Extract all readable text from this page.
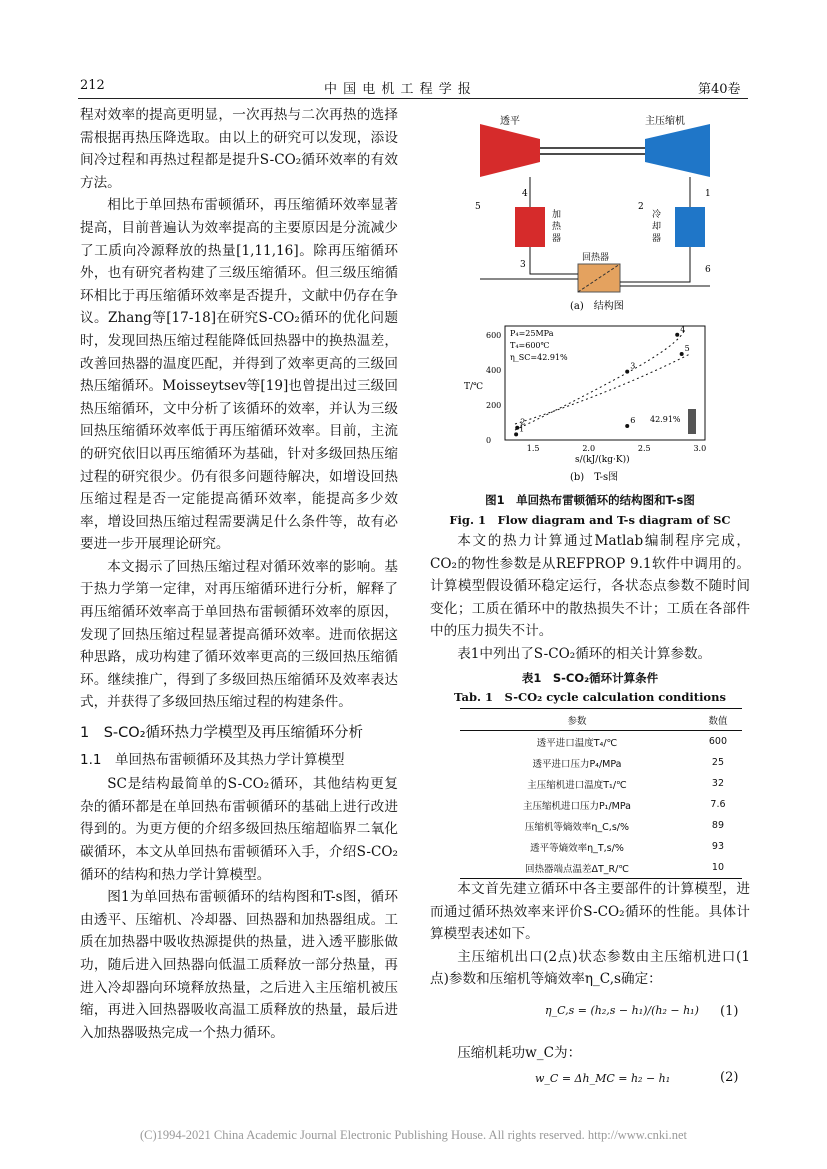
212	中 国 电 机 工 程 学 报	第40卷

程对效率的提高更明显，一次再热与二次再热的选择需根据再热压降选取。由以上的研究可以发现，添设间冷过程和再热过程都是提升S-CO₂循环效率的有效方法。

相比于单回热布雷顿循环，再压缩循环效率显著提高，目前普遍认为效率提高的主要原因是分流减少了工质向冷源释放的热量[1,11,16]。除再压缩循环外，也有研究者构建了三级压缩循环。但三级压缩循环相比于再压缩循环效率是否提升，文献中仍存在争议。Zhang等[17-18]在研究S-CO₂循环的优化问题时，发现回热压缩过程能降低回热器中的换热温差，改善回热器的温度匹配，并得到了效率更高的三级回热压缩循环。Moisseytsev等[19]也曾提出过三级回热压缩循环，文中分析了该循环的效率，并认为三级回热压缩循环效率低于再压缩循环效率。目前，主流的研究依旧以再压缩循环为基础，针对多级回热压缩过程的研究很少。仍有很多问题待解决，如增设回热压缩过程是否一定能提高循环效率，能提高多少效率，增设回热压缩过程需要满足什么条件等，故有必要进一步开展理论研究。

本文揭示了回热压缩过程对循环效率的影响。基于热力学第一定律，对再压缩循环进行分析，解释了再压缩循环效率高于单回热布雷顿循环效率的原因，发现了回热压缩过程显著提高循环效率。进而依据这种思路，成功构建了循环效率更高的三级回热压缩循环。继续推广，得到了多级回热压缩循环及效率表达式，并获得了多级回热压缩过程的构建条件。

1　S-CO₂循环热力学模型及再压缩循环分析
1.1　单回热布雷顿循环及其热力学计算模型

SC是结构最简单的S-CO₂循环，其他结构更复杂的循环都是在单回热布雷顿循环的基础上进行改进得到的。为更方便的介绍多级回热压缩超临界二氧化碳循环，本文从单回热布雷顿循环入手，介绍S-CO₂循环的结构和热力学计算模型。

图1为单回热布雷顿循环的结构图和T-s图，循环由透平、压缩机、冷却器、回热器和加热器组成。工质在加热器中吸收热源提供的热量，进入透平膨胀做功，随后进入回热器向低温工质释放一部分热量，再进入冷却器向环境释放热量，之后进入主压缩机被压缩，再进入回热器吸收高温工质释放的热量，最后进入加热器吸热完成一个热力循环。

透平	主压缩机
加
热
器
冷
却
器
回热器
4	1
5	2
3	6
(a)　结构图
T/℃
s/(kJ/(kg·K))
600
400
200
0
1.5	2.0	2.5	3.0
P₄=25MPa
T₄=600℃
η_SC=42.91%
42.91%
1
2
3
4
5
6
(b)　T-s图
图1　单回热布雷顿循环的结构图和T-s图
Fig. 1　Flow diagram and T-s diagram of SC

本文的热力计算通过Matlab编制程序完成，CO₂的物性参数是从REFPROP 9.1软件中调用的。计算模型假设循环稳定运行，各状态点参数不随时间变化；工质在循环中的散热损失不计；工质在各部件中的压力损失不计。

表1中列出了S-CO₂循环的相关计算参数。

表1　S-CO₂循环计算条件
Tab. 1　S-CO₂ cycle calculation conditions
参数	数值
透平进口温度T₄/℃	600
透平进口压力P₄/MPa	25
主压缩机进口温度T₁/℃	32
主压缩机进口压力P₁/MPa	7.6
压缩机等熵效率η_C,s/%	89
透平等熵效率η_T,s/%	93
回热器端点温差ΔT_R/℃	10

本文首先建立循环中各主要部件的计算模型，进而通过循环热效率来评价S-CO₂循环的性能。具体计算模型表述如下。

主压缩机出口(2点)状态参数由主压缩机进口(1点)参数和压缩机等熵效率η_C,s确定：

η_C,s = (h₂,s − h₁)/(h₂ − h₁) (1)
压缩机耗功w_C为：
w_C = Δh_MC = h₂ − h₁	(2)
(C)1994-2021 China Academic Journal Electronic Publishing House. All rights reserved. http://www.cnki.net
